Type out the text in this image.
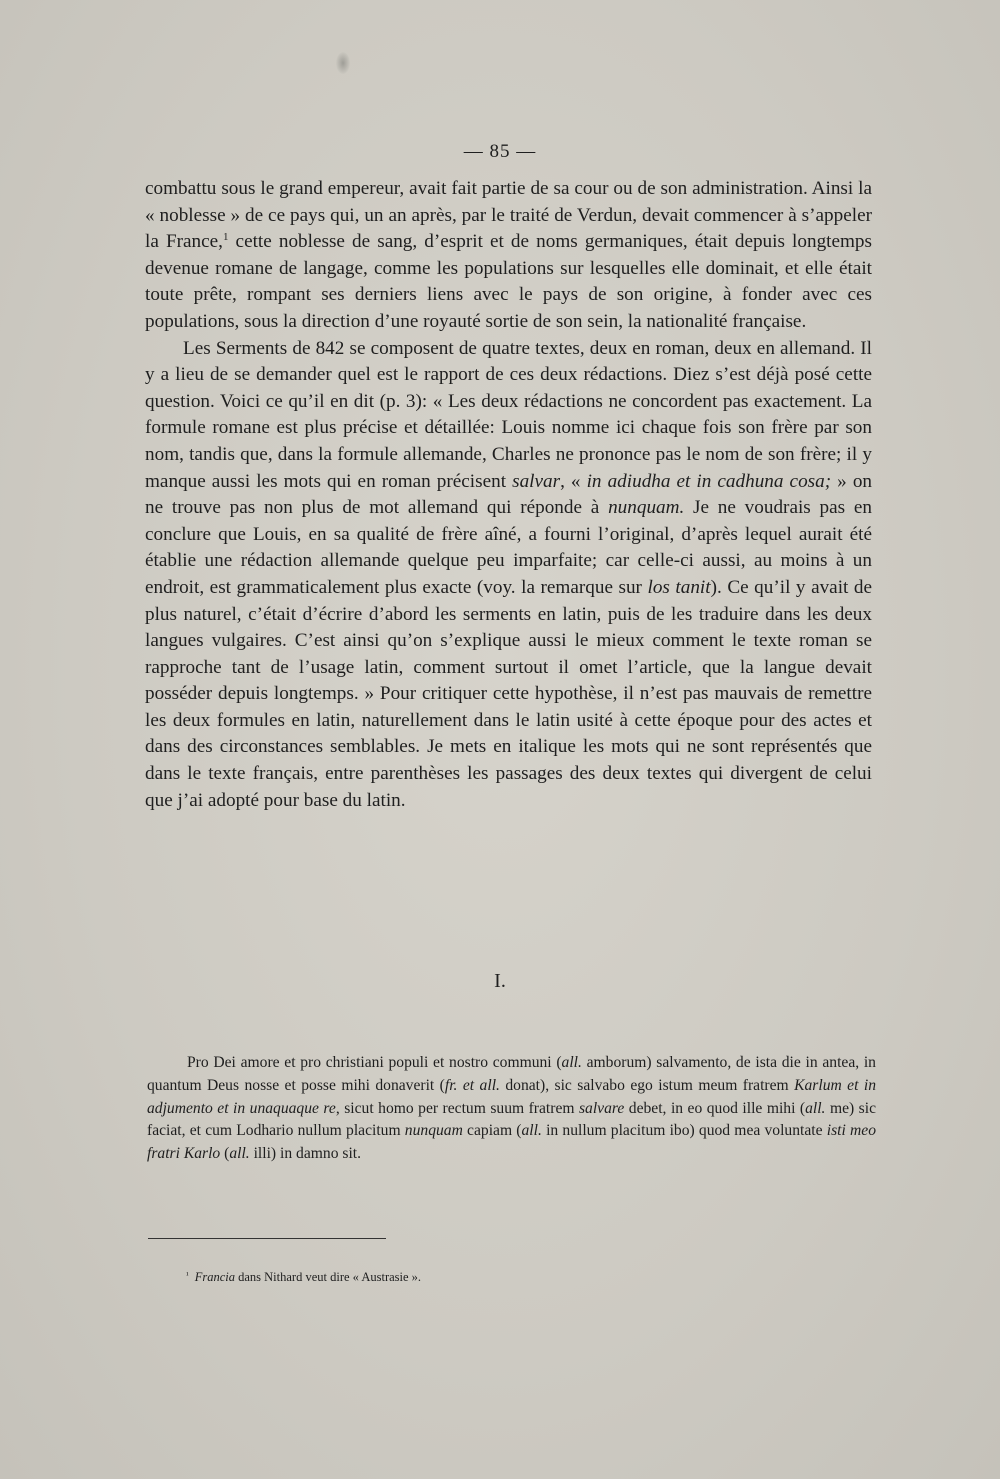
— 85 —

combattu sous le grand empereur, avait fait partie de sa cour ou de son administration. Ainsi la « noblesse » de ce pays qui, un an après, par le traité de Verdun, devait commencer à s’appeler la France,$^1$ cette noblesse de sang, d’esprit et de noms germaniques, était depuis longtemps devenue romane de langage, comme les populations sur lesquelles elle dominait, et elle était toute prête, rompant ses derniers liens avec le pays de son origine, à fonder avec ces populations, sous la direction d’une royauté sortie de son sein, la nationalité française.

Les Serments de 842 se composent de quatre textes, deux en roman, deux en allemand. Il y a lieu de se demander quel est le rapport de ces deux rédactions. Diez s’est déjà posé cette question. Voici ce qu’il en dit (p. 3): « Les deux rédactions ne concordent pas exactement. La formule romane est plus précise et détaillée: Louis nomme ici chaque fois son frère par son nom, tandis que, dans la formule allemande, Charles ne prononce pas le nom de son frère; il y manque aussi les mots qui en roman précisent salvar, « in adiudha et in cadhuna cosa; » on ne trouve pas non plus de mot allemand qui réponde à nunquam. Je ne voudrais pas en conclure que Louis, en sa qualité de frère aîné, a fourni l’original, d’après lequel aurait été établie une rédaction allemande quelque peu imparfaite; car celle-ci aussi, au moins à un endroit, est grammaticalement plus exacte (voy. la remarque sur los tanit). Ce qu’il y avait de plus naturel, c’était d’écrire d’abord les serments en latin, puis de les traduire dans les deux langues vulgaires. C’est ainsi qu’on s’explique aussi le mieux comment le texte roman se rapproche tant de l’usage latin, comment surtout il omet l’article, que la langue devait posséder depuis longtemps. » Pour critiquer cette hypothèse, il n’est pas mauvais de remettre les deux formules en latin, naturellement dans le latin usité à cette époque pour des actes et dans des circonstances semblables. Je mets en italique les mots qui ne sont représentés que dans le texte français, entre parenthèses les passages des deux textes qui divergent de celui que j’ai adopté pour base du latin.

I.

Pro Dei amore et pro christiani populi et nostro communi (all. amborum) salvamento, de ista die in antea, in quantum Deus nosse et posse mihi donaverit (fr. et all. donat), sic salvabo ego istum meum fratrem Karlum et in adjumento et in unaquaque re, sicut homo per rectum suum fratrem salvare debet, in eo quod ille mihi (all. me) sic faciat, et cum Lodhario nullum placitum nunquam capiam (all. in nullum placitum ibo) quod mea voluntate isti meo fratri Karlo (all. illi) in damno sit.

$^{^1}$ Francia dans Nithard veut dire « Austrasie ».
